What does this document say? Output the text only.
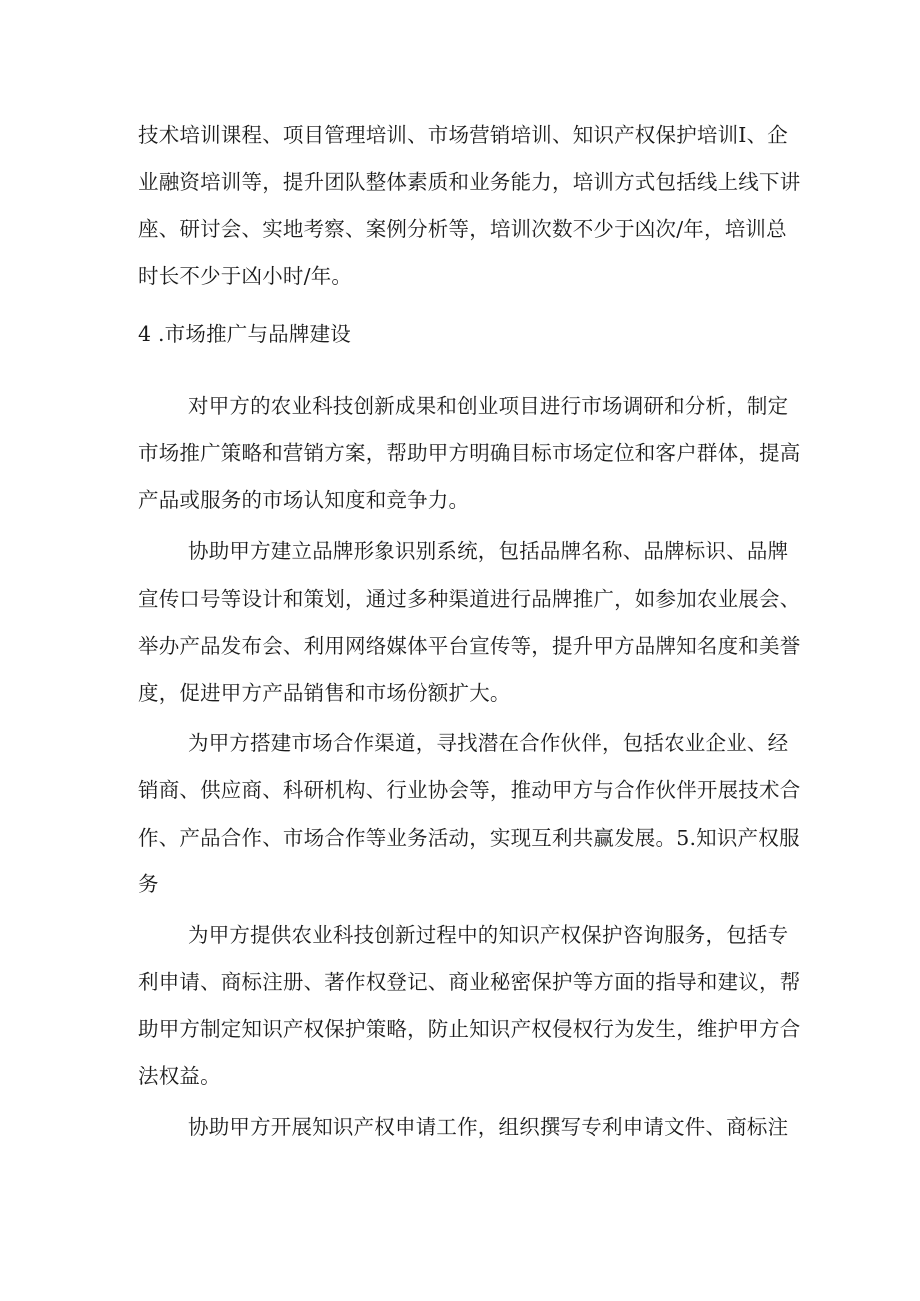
技术培训课程、项目管理培训、市场营销培训、知识产权保护培训I、企

业融资培训等，提升团队整体素质和业务能力，培训方式包括线上线下讲

座、研讨会、实地考察、案例分析等，培训次数不少于凶次/年，培训总

时长不少于凶小时/年。

4 .市场推广与品牌建设

对甲方的农业科技创新成果和创业项目进行市场调研和分析，制定

市场推广策略和营销方案，帮助甲方明确目标市场定位和客户群体，提高

产品或服务的市场认知度和竞争力。

协助甲方建立品牌形象识别系统，包括品牌名称、品牌标识、品牌

宣传口号等设计和策划，通过多种渠道进行品牌推广，如参加农业展会、

举办产品发布会、利用网络媒体平台宣传等，提升甲方品牌知名度和美誉

度，促进甲方产品销售和市场份额扩大。

为甲方搭建市场合作渠道，寻找潜在合作伙伴，包括农业企业、经

销商、供应商、科研机构、行业协会等，推动甲方与合作伙伴开展技术合

作、产品合作、市场合作等业务活动，实现互利共赢发展。5.知识产权服

务

为甲方提供农业科技创新过程中的知识产权保护咨询服务，包括专

利申请、商标注册、著作权登记、商业秘密保护等方面的指导和建议，帮

助甲方制定知识产权保护策略，防止知识产权侵权行为发生，维护甲方合

法权益。

协助甲方开展知识产权申请工作，组织撰写专利申请文件、商标注
